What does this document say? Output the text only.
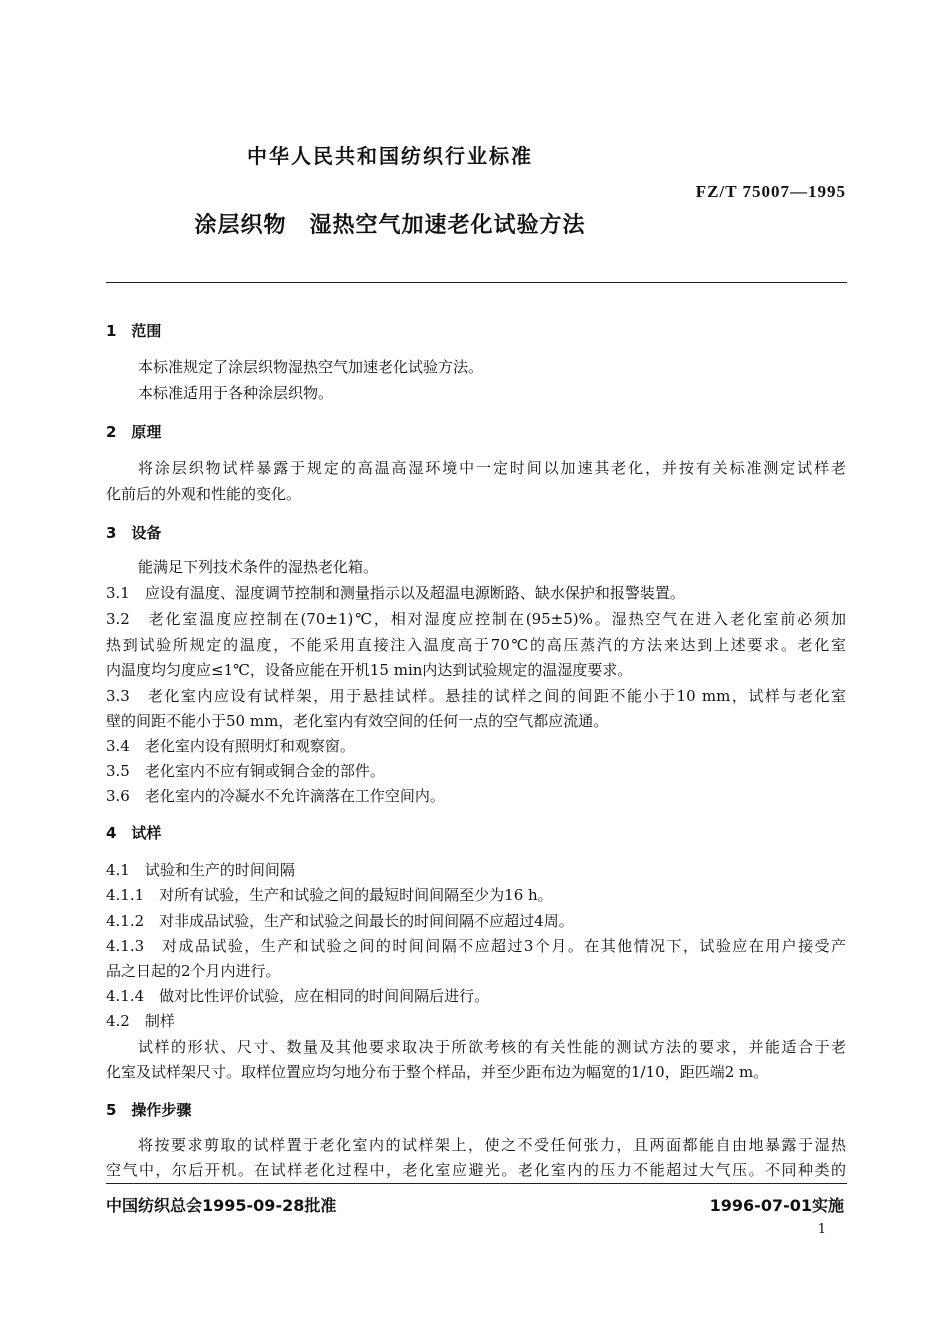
中华人民共和国纺织行业标准
FZ/T 75007—1995
涂层织物　湿热空气加速老化试验方法
1　范围
本标准规定了涂层织物湿热空气加速老化试验方法。
本标准适用于各种涂层织物。
2　原理
将涂层织物试样暴露于规定的高温高湿环境中一定时间以加速其老化，并按有关标准测定试样老
化前后的外观和性能的变化。
3　设备
能满足下列技术条件的湿热老化箱。
3.1　应设有温度、湿度调节控制和测量指示以及超温电源断路、缺水保护和报警装置。
3.2　老化室温度应控制在(70±1)℃，相对湿度应控制在(95±5)%。湿热空气在进入老化室前必须加
热到试验所规定的温度，不能采用直接注入温度高于70℃的高压蒸汽的方法来达到上述要求。老化室
内温度均匀度应≤1℃，设备应能在开机15 min内达到试验规定的温湿度要求。
3.3　老化室内应设有试样架，用于悬挂试样。悬挂的试样之间的间距不能小于10 mm，试样与老化室
壁的间距不能小于50 mm，老化室内有效空间的任何一点的空气都应流通。
3.4　老化室内设有照明灯和观察窗。
3.5　老化室内不应有铜或铜合金的部件。
3.6　老化室内的冷凝水不允许滴落在工作空间内。
4　试样
4.1　试验和生产的时间间隔
4.1.1　对所有试验，生产和试验之间的最短时间间隔至少为16 h。
4.1.2　对非成品试验，生产和试验之间最长的时间间隔不应超过4周。
4.1.3　对成品试验，生产和试验之间的时间间隔不应超过3个月。在其他情况下，试验应在用户接受产
品之日起的2个月内进行。
4.1.4　做对比性评价试验，应在相同的时间间隔后进行。
4.2　制样
试样的形状、尺寸、数量及其他要求取决于所欲考核的有关性能的测试方法的要求，并能适合于老
化室及试样架尺寸。取样位置应均匀地分布于整个样品，并至少距布边为幅宽的1/10，距匹端2 m。
5　操作步骤
将按要求剪取的试样置于老化室内的试样架上，使之不受任何张力，且两面都能自由地暴露于湿热
空气中，尔后开机。在试样老化过程中，老化室应避光。老化室内的压力不能超过大气压。不同种类的
中国纺织总会1995-09-28批准	1996-07-01实施
1
